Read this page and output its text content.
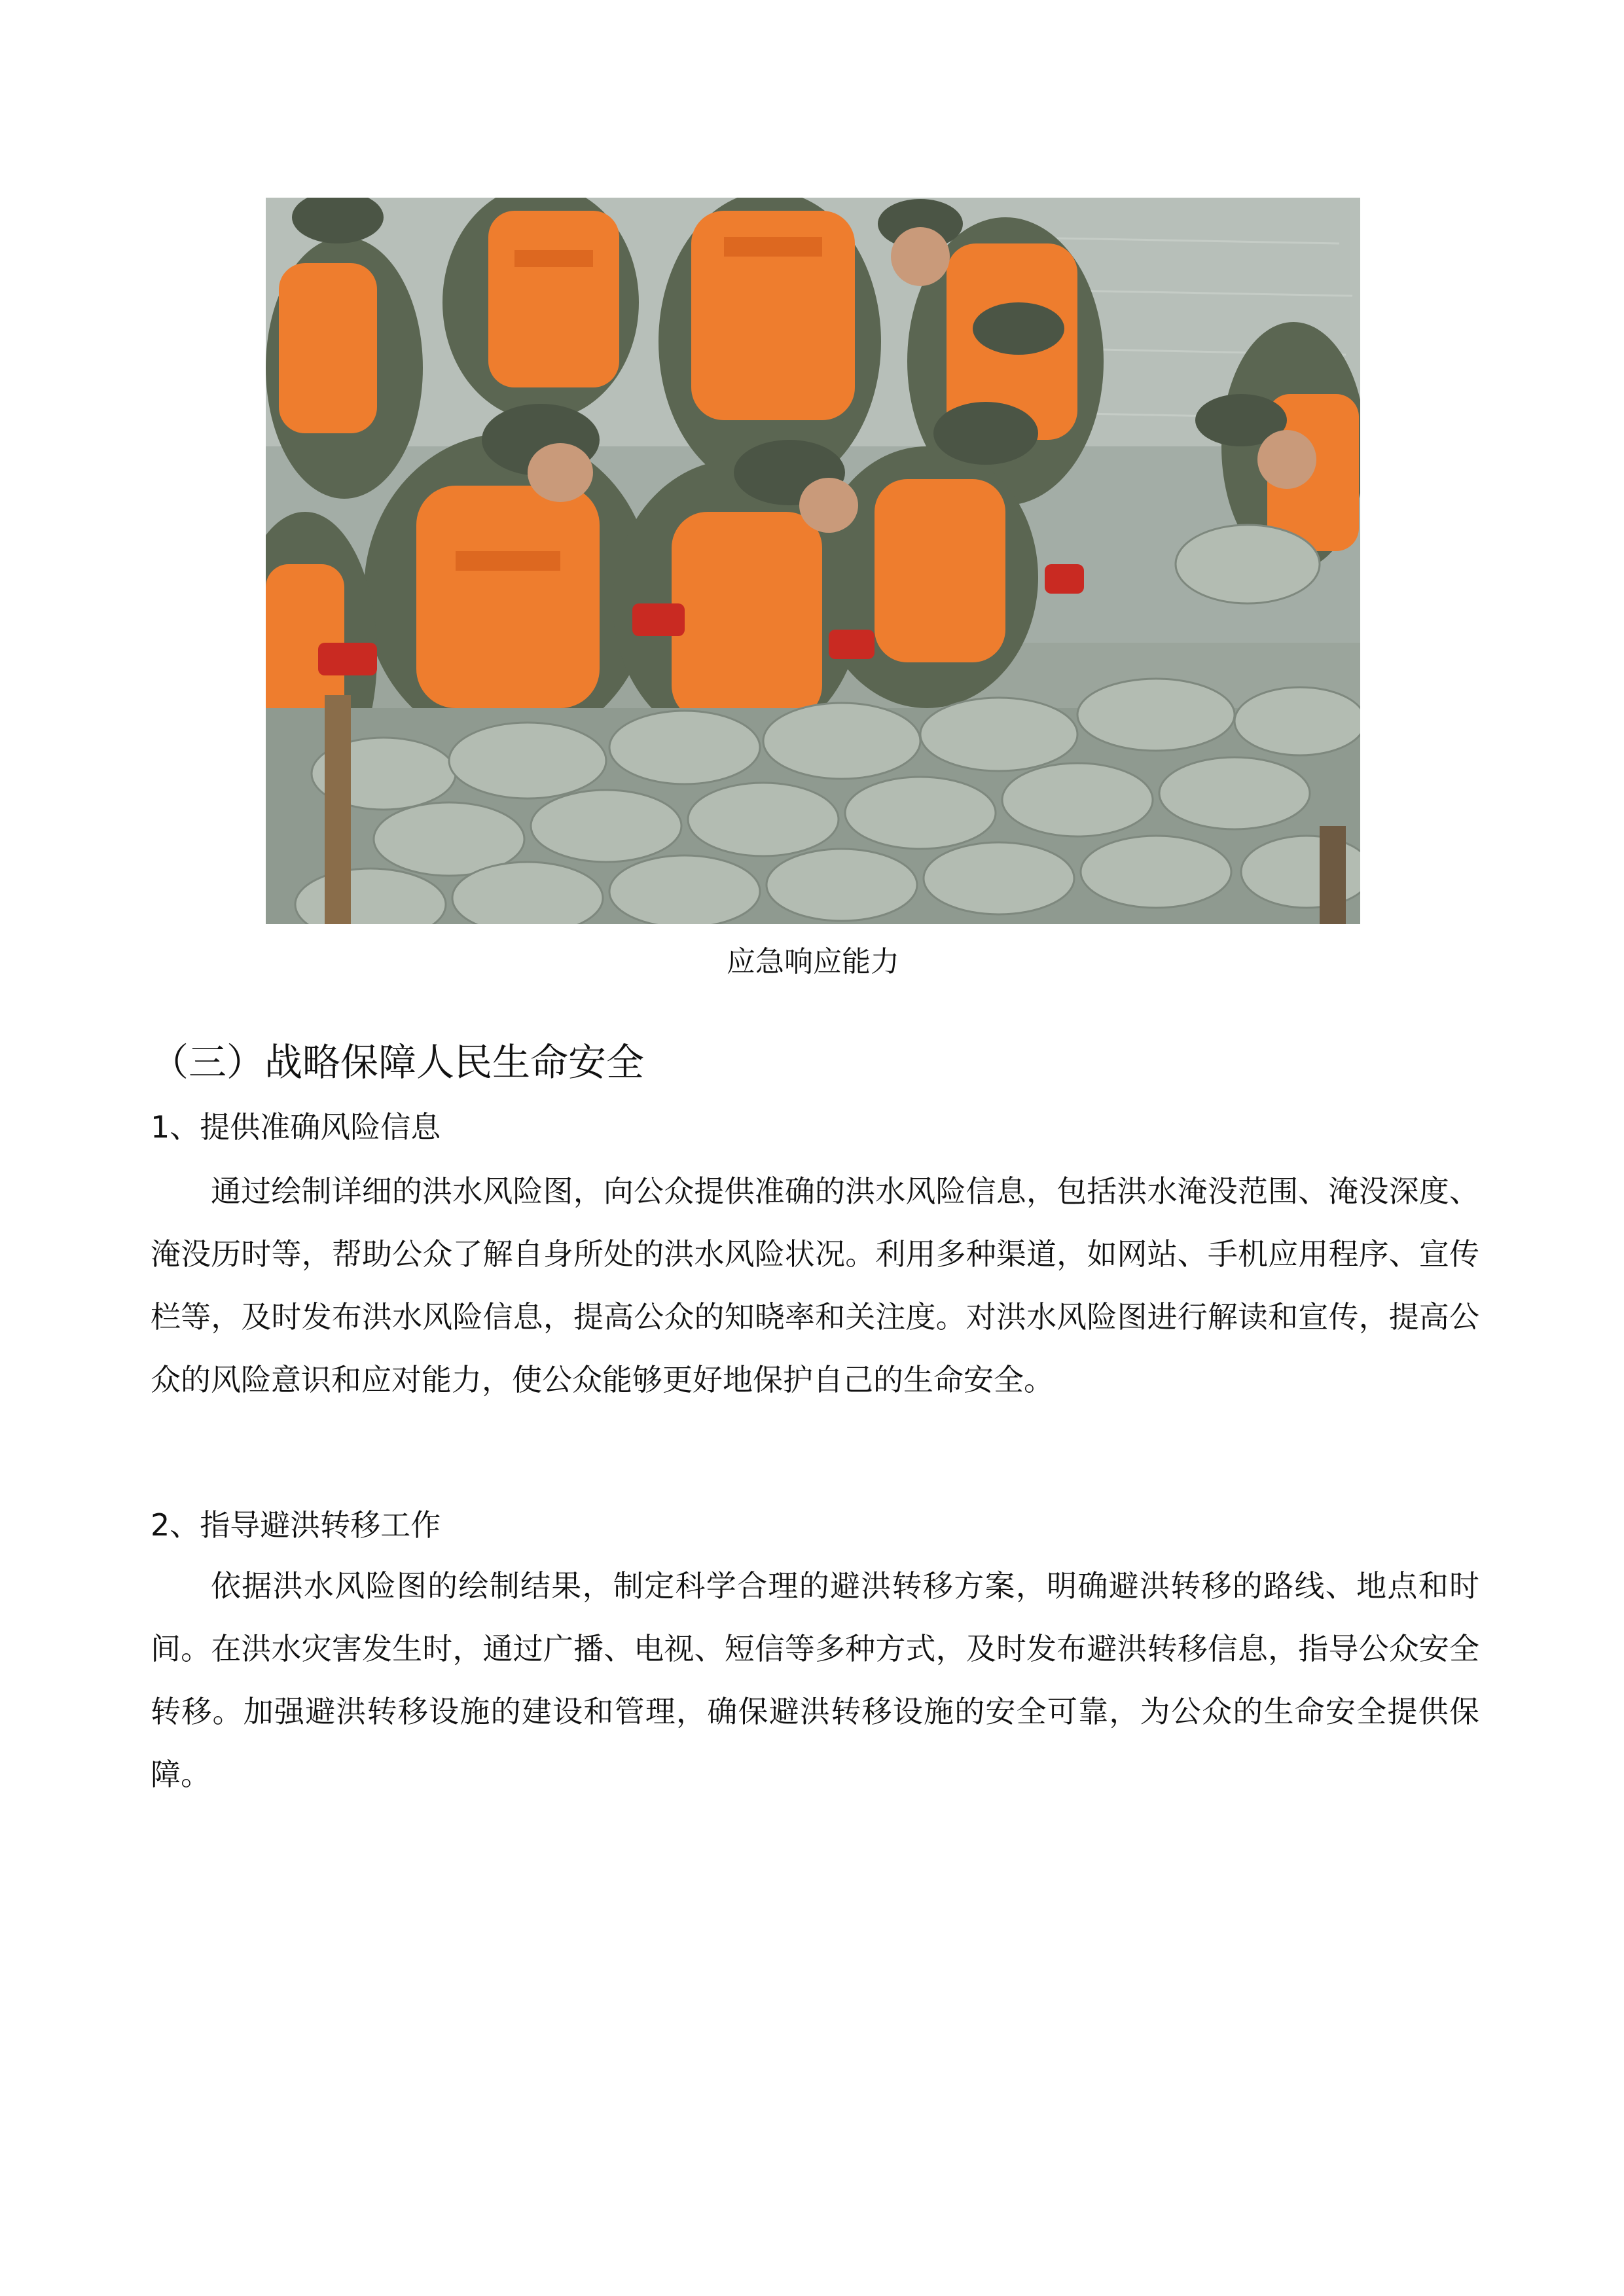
应急响应能力
（三）战略保障人民生命安全
1、提供准确风险信息

通过绘制详细的洪水风险图，向公众提供准确的洪水风险信息，包括洪水淹没范围、淹没深度、淹没历时等，帮助公众了解自身所处的洪水风险状况。利用多种渠道，如网站、手机应用程序、宣传栏等，及时发布洪水风险信息，提高公众的知晓率和关注度。对洪水风险图进行解读和宣传，提高公众的风险意识和应对能力，使公众能够更好地保护自己的生命安全。

2、指导避洪转移工作

依据洪水风险图的绘制结果，制定科学合理的避洪转移方案，明确避洪转移的路线、地点和时间。在洪水灾害发生时，通过广播、电视、短信等多种方式，及时发布避洪转移信息，指导公众安全转移。加强避洪转移设施的建设和管理，确保避洪转移设施的安全可靠，为公众的生命安全提供保障。
